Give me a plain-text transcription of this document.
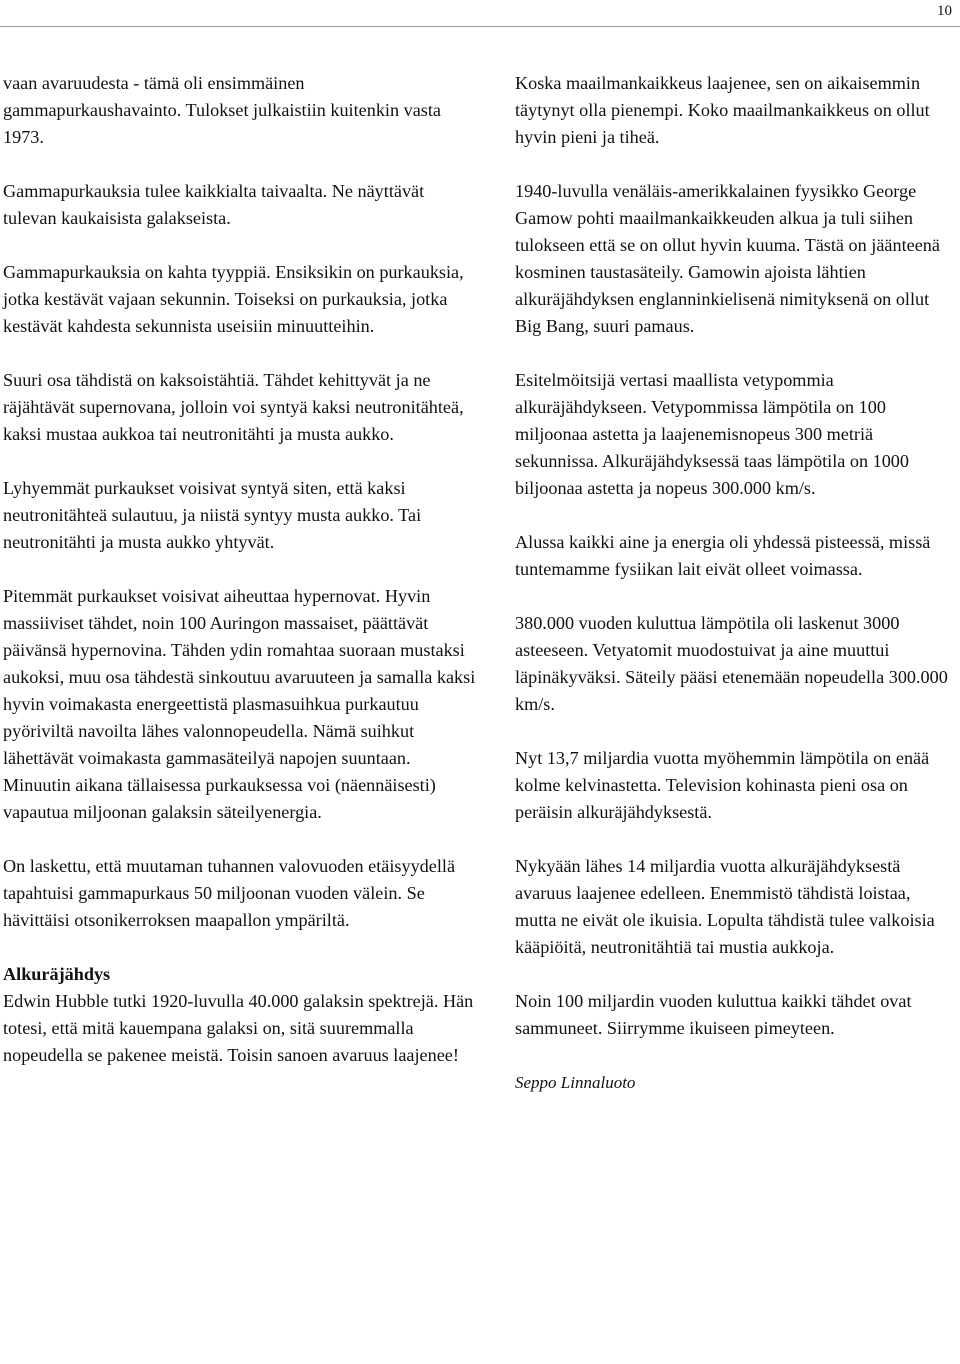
10

vaan avaruudesta - tämä oli ensimmäinen gammapurkaushavainto. Tulokset julkaistiin kuitenkin vasta 1973.

Gammapurkauksia tulee kaikkialta taivaalta. Ne näyttävät tulevan kaukaisista galakseista.

Gammapurkauksia on kahta tyyppiä. Ensiksikin on purkauksia, jotka kestävät vajaan sekunnin. Toiseksi on purkauksia, jotka kestävät kahdesta sekunnista useisiin minuutteihin.

Suuri osa tähdistä on kaksoistähtiä. Tähdet kehittyvät ja ne räjähtävät supernovana, jolloin voi syntyä kaksi neutronitähteä, kaksi mustaa aukkoa tai neutronitähti ja musta aukko.

Lyhyemmät purkaukset voisivat syntyä siten, että kaksi neutronitähteä sulautuu, ja niistä syntyy musta aukko. Tai neutronitähti ja musta aukko yhtyvät.

Pitemmät purkaukset voisivat aiheuttaa hypernovat. Hyvin massiiviset tähdet, noin 100 Auringon massaiset, päättävät päivänsä hypernovina. Tähden ydin romahtaa suoraan mustaksi aukoksi, muu osa tähdestä sinkoutuu avaruuteen ja samalla kaksi hyvin voimakasta energeettistä plasmasuihkua purkautuu pyöriviltä navoilta lähes valonnopeudella. Nämä suihkut lähettävät voimakasta gammasäteilyä napojen suuntaan. Minuutin aikana tällaisessa purkauksessa voi (näennäisesti) vapautua miljoonan galaksin säteilyenergia.

On laskettu, että muutaman tuhannen valovuoden etäisyydellä tapahtuisi gammapurkaus 50 miljoonan vuoden välein. Se hävittäisi otsonikerroksen maapallon ympäriltä.

Alkuräjähdys
Edwin Hubble tutki 1920-luvulla 40.000 galaksin spektrejä. Hän totesi, että mitä kauempana galaksi on, sitä suuremmalla nopeudella se pakenee meistä. Toisin sanoen avaruus laajenee!

Koska maailmankaikkeus laajenee, sen on aikaisemmin täytynyt olla pienempi. Koko maailmankaikkeus on ollut hyvin pieni ja tiheä.

1940-luvulla venäläis-amerikkalainen fyysikko George Gamow pohti maailmankaikkeuden alkua ja tuli siihen tulokseen että se on ollut hyvin kuuma. Tästä on jäänteenä kosminen taustasäteily. Gamowin ajoista lähtien alkuräjähdyksen englanninkielisenä nimityksenä on ollut Big Bang, suuri pamaus.

Esitelmöitsijä vertasi maallista vetypommia alkuräjähdykseen. Vetypommissa lämpötila on 100 miljoonaa astetta ja laajenemisnopeus 300 metriä sekunnissa. Alkuräjähdyksessä taas lämpötila on 1000 biljoonaa astetta ja nopeus 300.000 km/s.

Alussa kaikki aine ja energia oli yhdessä pisteessä, missä tuntemamme fysiikan lait eivät olleet voimassa.

380.000 vuoden kuluttua lämpötila oli laskenut 3000 asteeseen. Vetyatomit muodostuivat ja aine muuttui läpinäkyväksi. Säteily pääsi etenemään nopeudella 300.000 km/s.

Nyt 13,7 miljardia vuotta myöhemmin lämpötila on enää kolme kelvinastetta. Television kohinasta pieni osa on peräisin alkuräjähdyksestä.

Nykyään lähes 14 miljardia vuotta alkuräjähdyksestä avaruus laajenee edelleen. Enemmistö tähdistä loistaa, mutta ne eivät ole ikuisia. Lopulta tähdistä tulee valkoisia kääpiöitä, neutronitähtiä tai mustia aukkoja.

Noin 100 miljardin vuoden kuluttua kaikki tähdet ovat sammuneet. Siirrymme ikuiseen pimeyteen.

Seppo Linnaluoto
